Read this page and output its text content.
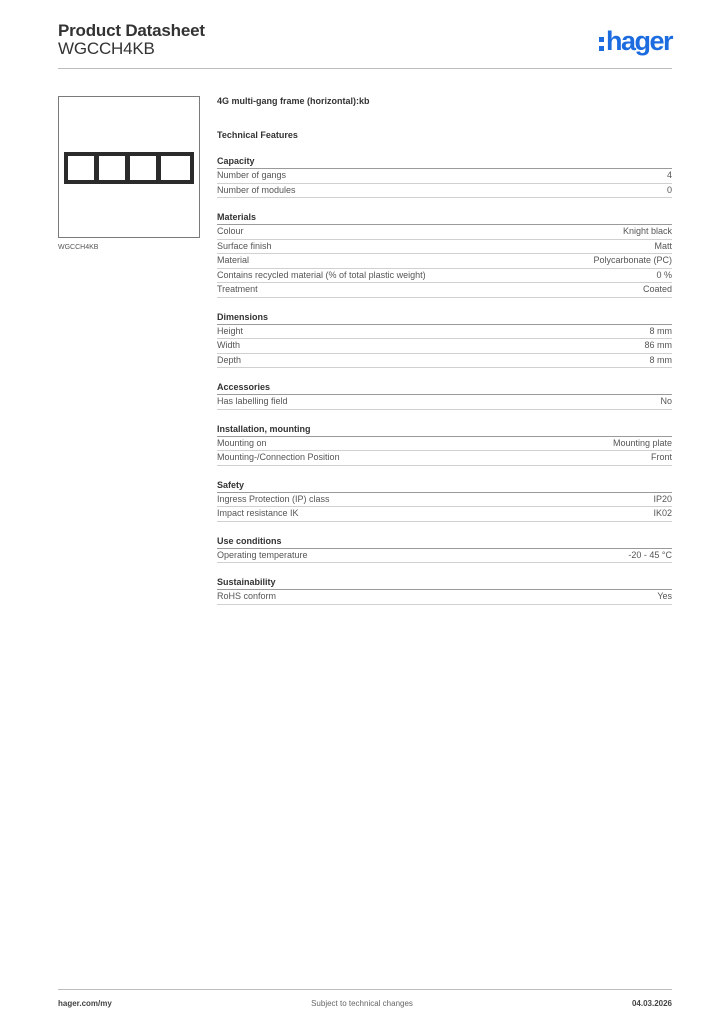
Product Datasheet
WGCCH4KB	hager
WGCCH4KB
4G multi-gang frame (horizontal):kb
Technical Features
Capacity
Number of gangs	4
Number of modules	0
Materials
Colour	Knight black
Surface finish	Matt
Material	Polycarbonate (PC)
Contains recycled material (% of total plastic weight)	0 %
Treatment	Coated
Dimensions
Height	8 mm
Width	86 mm
Depth	8 mm
Accessories
Has labelling field	No
Installation, mounting
Mounting on	Mounting plate
Mounting-/Connection Position	Front
Safety
Ingress Protection (IP) class	IP20
Impact resistance IK	IK02
Use conditions
Operating temperature	-20 - 45 °C
Sustainability
RoHS conform	Yes
hager.com/my	Subject to technical changes	04.03.2026
